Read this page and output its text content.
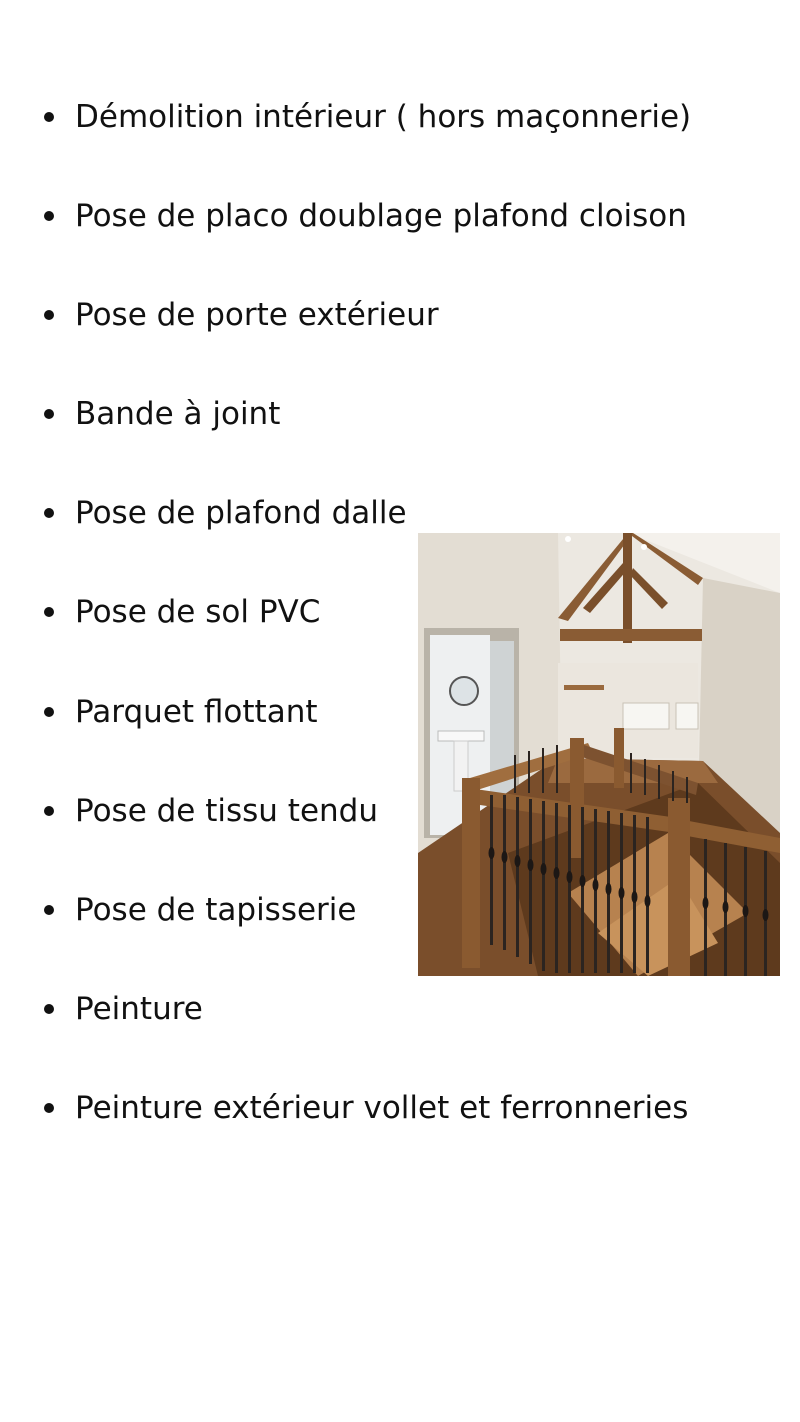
Démolition intérieur ( hors maçonnerie)
Pose de placo doublage plafond cloison
Pose de porte extérieur
Bande à joint
Pose de plafond dalle
Pose de sol PVC
Parquet flottant
Pose de tissu tendu
Pose de tapisserie
Peinture
Peinture extérieur vollet et ferronneries
